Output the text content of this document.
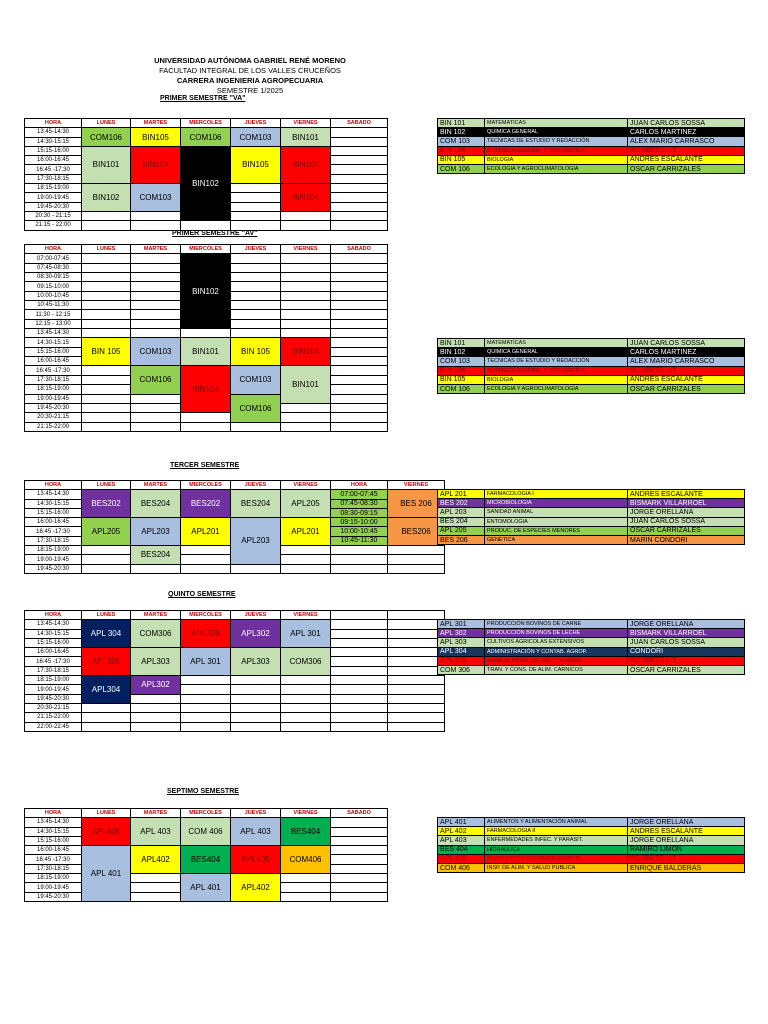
UNIVERSIDAD AUTÓNOMA GABRIEL RENÉ MORENO
FACULTAD INTEGRAL DE LOS VALLES CRUCEÑOS
CARRERA INGENIERIA AGROPECUARIA
SEMESTRE 1/2025
PRIMER SEMESTRE "VA"
PRIMER SEMESTRE "AV"
TERCER SEMESTRE
QUINTO SEMESTRE
SEPTIMO SEMESTRE
HORA	LUNES	MARTES	MIERCOLES	JUEVES	VIERNES	SABADO
13:45-14:30	COM106	BIN105	COM106	COM103	BIN101	
14:30-15:15						
15:15-16:00	BIN101	BIN104	BIN102	BIN105	BIN104	
16:00-16:45						
16:45 -17:30						
17:30-18:15						
18:15-19:00	BIN102	COM103			BIN104	
19:00-19:45						
19:45-20:30						
20:30 - 21:15						
21:15 - 22:00						
HORA	LUNES	MARTES	MIERCOLES	JUEVES	VIERNES	SABADO
07:00-07:45			BIN102			
07:45-08:30						
08:30-09:15						
09:15-10:00						
10:00-10:45						
10:45-11:30						
11:30 - 12:15						
12:15 - 13:00						
13:45-14:30						
14:30-15:15	BIN 105	COM103	BIN101	BIN 105	BIN104	
15:15-16:00						
16:00-16:45						
16:45 -17:30		COM106	BIN104	COM103	BIN101	
17:30-18:15						
18:15-19:00						
19:00-19:45				COM106		
19:45-20:30						
20:30-21:15						
21:15-22:00						
HORA	LUNES	MARTES	MIERCOLES	JUEVES	VIERNES	HORA	VIERNES
13:45-14:30	BES202	BES204	BES202	BES204	APL205	07:00-07:45	BES 206
14:30-15:15						07:45-08:30	
15:15-16:00						08:30-09:15	
16:00-16:45	APL205	APL203	APL201	APL203	APL201	09:15-10:00	BES206
16:45 -17:30						10:00-10:45	
17:30-18:15						10:45-11:30	
18:15-19:00		BES204					
19:00-19:45							
19:45-20:30							
HORA	LUNES	MARTES	MIERCOLES	JUEVES	VIERNES		
13:45-14:30	APL 304	COM306	APL305	APL302	APL 301		
14:30-15:15							
15:15-16:00							
16:00-16:45	APL305	APL303	APL 301	APL303	COM306		
16:45 -17:30							
17:30-18:15							
18:15-19:00	APL304	APL302					
19:00-19:45							
19:45-20:30							
20:30-21:15							
21:15-22:00							
22:00-22:45							
HORA	LUNES	MARTES	MIERCOLES	JUEVES	VIERNES	SABADO
13:45-14:30	APL405	APL 403	COM 406	APL 403	BES404	
14:30-15:15						
15:15-16:00						
16:00-16:45	APL 401	APL402	BES404	APL405	COM406	
16:45 -17:30						
17:30-18:15						
18:15-19:00			APL 401	APL402		
19:00-19:45						
19:45-20:30						
BIN 101	MATEMATICAS	JUAN CARLOS SOSSA
BIN 102	QUIMICA GENERAL	CARLOS MARTINEZ
COM 103	TECNICAS DE ESTUDIO Y REDACCIÓN	ALEX MARIO CARRASCO
BIN 104	BOTANICA GENERAL Y SISTEMATICA	ROBERTO LIT
BIN 105	BIOLOGIA	ANDRES ESCALANTE
COM 106	ECOLOGIA Y AGROCLIMATOLOGIA	OSCAR CARRIZALES
BIN 101	MATEMATICAS	JUAN CARLOS SOSSA
BIN 102	QUIMICA GENERAL	CARLOS MARTINEZ
COM 103	TECNICAS DE ESTUDIO Y REDACCIÓN	ALEX MARIO CARRASCO
BIN 104	BOTANICA GENERAL Y SISTEMATICA	ROBERTO LIT
BIN 105	BIOLOGIA	ANDRES ESCALANTE
COM 106	ECOLOGIA Y AGROCLIMATOLOGIA	OSCAR CARRIZALES
APL 201	FARMACOLOGIA I	ANDRES ESCALANTE
BES 202	MICROBIOLOGIA	BISMARK VILLARROEL
APL 203	SANIDAD ANIMAL	JORGE ORELLANA
BES 204	ENTOMOLOGIA	JUAN CARLOS SOSSA
APL 205	PRODUC. DE ESPECIES MENORES	OSCAR CARRIZALES
BES 206	GENETICA	MARIN CONDORI
APL 301	PRODUCCIÓN BOVINOS DE CARNE	JORGE ORELLANA
APL 302	PRODUCCIÓN BOVINOS DE LECHE	BISMARK VILLARROEL
APL 303	CULTIVOS AGRICOLAS EXTENSIVOS	JUAN CARLOS SOSSA
APL 304	ADMINISTRACIÓN Y CONTAB. AGROP.	CONDORI
APL 305	MANEJO INTEG. DE ENF. Y PLAGAS	ROBERTO LIT
COM 306	TRAN. Y CONS. DE ALIM. CARNICOS	OSCAR CARRIZALES
APL 401	ALIMENTOS Y ALIMENTACIÓN ANIMAL	JORGE ORELLANA
APL 402	FARMACOLOGIA II	ANDRES ESCALANTE
APL 403	ENFERMEDADES INFEC. Y PARASIT.	JORGE ORELLANA
BES 404	HIDRAULICA	RAMIRO LIMON
APL 405	PRODUCCIÓN ORGANICA VEGETAL	ROBERTO LIT
COM 406	INSP. DE ALIM. Y SALUD PUBLICA	ENRIQUE BALDERAS
